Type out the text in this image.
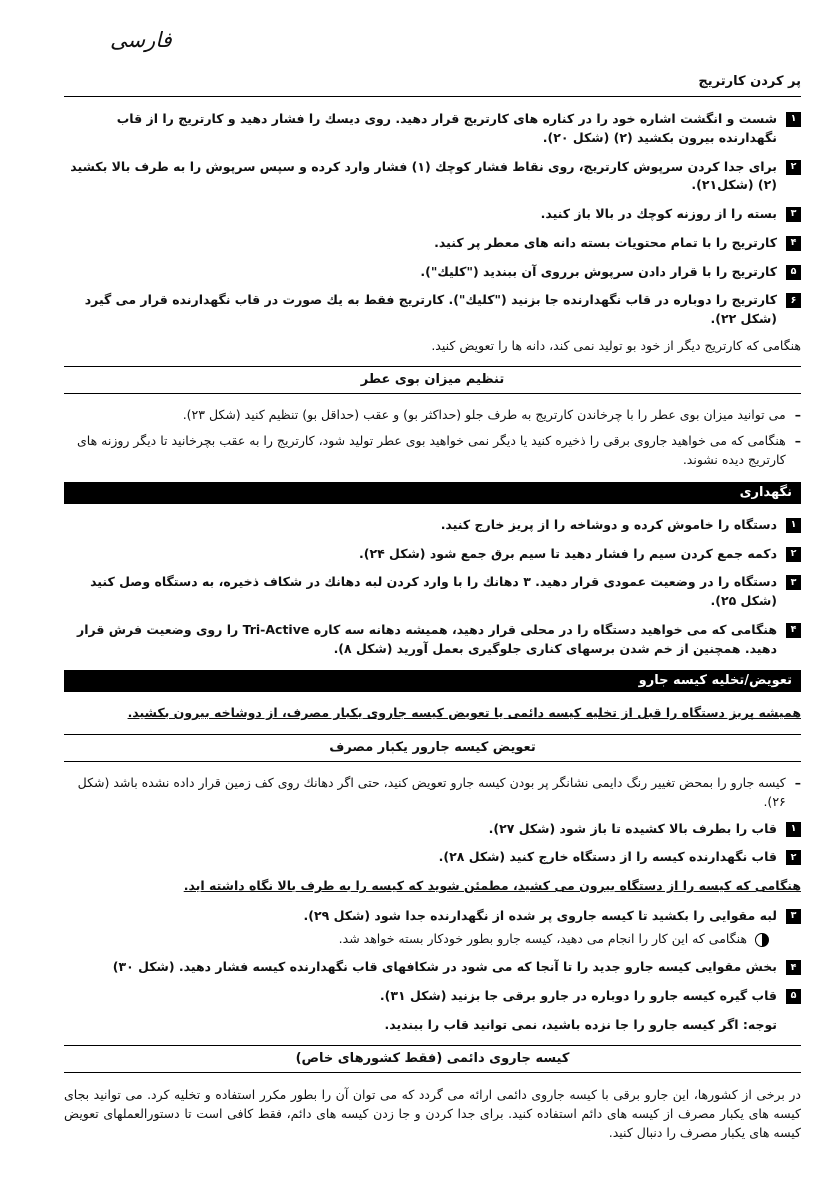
فارسی
پر كردن كارتريج
۱
شست و انگشت اشاره خود را در كناره های كارتريج قرار دهيد. روی ديسك را فشار دهيد و كارتريج را از قاب نگهدارنده بيرون بكشيد (۲) (شكل ۲۰).
۲
برای جدا كردن سرپوش كارتريج، روی نقاط فشار كوچك (۱) فشار وارد كرده و سپس سرپوش را به طرف بالا بكشيد (۲) (شكل۲۱).
۳
بسته را از روزنه كوچك در بالا باز كنيد.
۴
كارتريج را با تمام محتويات بسته دانه های معطر پر كنيد.
۵
كارتريج را با قرار دادن سرپوش برروی آن ببنديد ("كليك").
۶
كارتريج را دوباره در قاب نگهدارنده جا بزنيد ("كليك"). كارتريج فقط به يك صورت در قاب نگهدارنده قرار می گيرد (شكل ۲۲).

هنگامی كه كارتريج ديگر از خود بو توليد نمی كند، دانه ها را تعويض كنيد.

تنظيم ميزان بوی عطر
–
می توانيد ميزان بوی عطر را با چرخاندن كارتريج به طرف جلو (حداكثر بو) و عقب (حداقل بو) تنظيم كنيد (شكل ۲۳).
–
هنگامی كه می خواهيد جاروی برقی را ذخيره كنيد يا ديگر نمی خواهيد بوی عطر توليد شود، كارتريج را به عقب بچرخانيد تا ديگر روزنه های كارتريج ديده نشوند.
نگهداری
۱
دستگاه را خاموش كرده و دوشاخه را از پريز خارج كنيد.
۲
دكمه جمع كردن سيم را فشار دهيد تا سيم برق جمع شود (شكل ۲۴).
۳
دستگاه را در وضعيت عمودی قرار دهيد. ۳ دهانك را با وارد كردن لبه دهانك در شكاف ذخيره، به دستگاه وصل كنيد (شكل ۲۵).
۴
هنگامی كه می خواهيد دستگاه را در محلی قرار دهيد، هميشه دهانه سه كاره Tri-Active را روی وضعيت فرش قرار دهيد. همچنين از خم شدن برسهای كناری جلوگيری بعمل آوريد (شكل ۸).
تعويض/تخليه كيسه جارو

هميشه پريز دستگاه را قبل از تخليه كيسه دائمی يا تعويض كيسه جاروی يكبار مصرف، از دوشاخه بيرون بكشيد.

تعويض كيسه جارور يكبار مصرف
–
كيسه جارو را بمحض تغيير رنگ دايمی نشانگر پر بودن كيسه جارو تعويض كنيد، حتی اگر دهانك روی كف زمين قرار داده نشده باشد (شكل ۲۶).
۱
قاب را بطرف بالا كشيده تا باز شود (شكل ۲۷).
۲
قاب نگهدارنده كيسه را از دستگاه خارج كنيد (شكل ۲۸).

هنگامی كه كيسه را از دستگاه بيرون می كشيد، مطمئن شويد كه كيسه را به طرف بالا نگاه داشته ايد.

۳
لبه مقوايی را بكشيد تا كيسه جاروی پر شده از نگهدارنده جدا شود (شكل ۲۹).
هنگامی كه اين كار را انجام می دهيد، كيسه جارو بطور خودكار بسته خواهد شد.
۴
بخش مقوايی كيسه جارو جديد را تا آنجا كه می شود در شكافهای قاب نگهدارنده كيسه فشار دهيد. (شكل ۳۰)
۵
قاب گيره كيسه جارو را دوباره در جارو برقی جا بزنيد (شكل ۳۱).

توجه: اگر كيسه جارو را جا نزده باشيد، نمی توانيد قاب را ببنديد.

كيسه جاروی دائمی (فقط كشورهای خاص)

در برخی از كشورها، اين جارو برقی با كيسه جاروی دائمی ارائه می گردد كه می توان آن را بطور مكرر استفاده و تخليه كرد. می توانيد بجای كيسه های يكبار مصرف از كيسه های دائم استفاده كنيد. برای جدا كردن و جا زدن كيسه های دائم، فقط كافی است تا دستورالعملهای تعويض كيسه های يكبار مصرف را دنبال كنيد.
